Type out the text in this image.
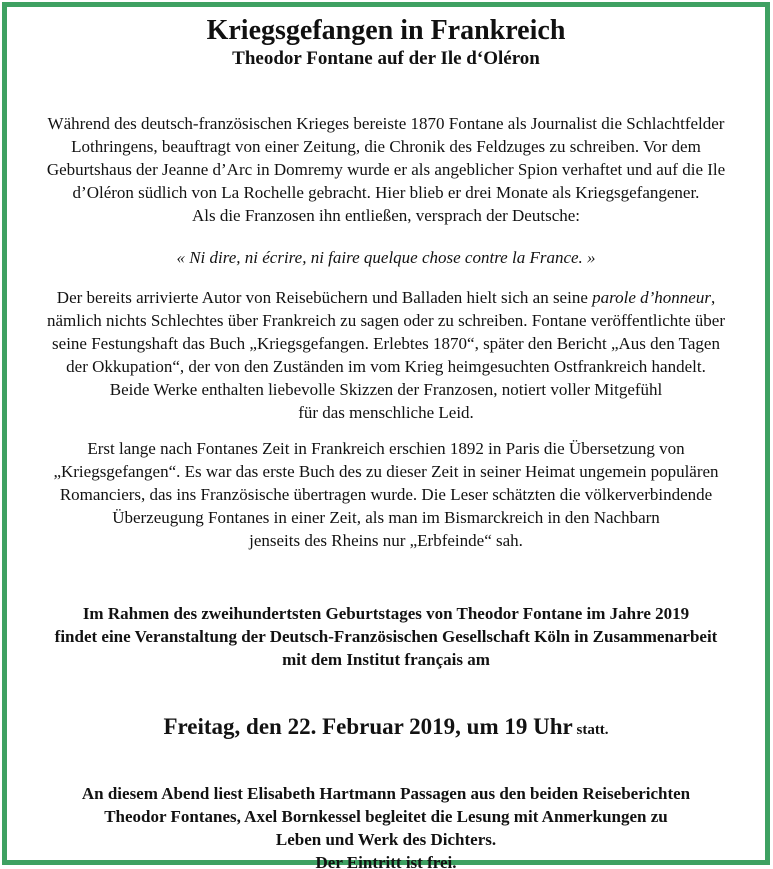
Kriegsgefangen in Frankreich
Theodor Fontane auf der Ile d‘Oléron

Während des deutsch-französischen Krieges bereiste 1870 Fontane als Journalist die Schlachtfelder
Lothringens, beauftragt von einer Zeitung, die Chronik des Feldzuges zu schreiben. Vor dem
Geburtshaus der Jeanne d’Arc in Domremy wurde er als angeblicher Spion verhaftet und auf die Ile
d’Oléron südlich von La Rochelle gebracht. Hier blieb er drei Monate als Kriegsgefangener.
Als die Franzosen ihn entließen, versprach der Deutsche:

« Ni dire, ni écrire, ni faire quelque chose contre la France. »

Der bereits arrivierte Autor von Reisebüchern und Balladen hielt sich an seine parole d’honneur,
nämlich nichts Schlechtes über Frankreich zu sagen oder zu schreiben. Fontane veröffentlichte über
seine Festungshaft das Buch „Kriegsgefangen. Erlebtes 1870“, später den Bericht „Aus den Tagen
der Okkupation“, der von den Zuständen im vom Krieg heimgesuchten Ostfrankreich handelt.
Beide Werke enthalten liebevolle Skizzen der Franzosen, notiert voller Mitgefühl
für das menschliche Leid.

Erst lange nach Fontanes Zeit in Frankreich erschien 1892 in Paris die Übersetzung von
„Kriegsgefangen“. Es war das erste Buch des zu dieser Zeit in seiner Heimat ungemein populären
Romanciers, das ins Französische übertragen wurde. Die Leser schätzten die völkerverbindende
Überzeugung Fontanes in einer Zeit, als man im Bismarckreich in den Nachbarn
jenseits des Rheins nur „Erbfeinde“ sah.

Im Rahmen des zweihundertsten Geburtstages von Theodor Fontane im Jahre 2019
findet eine Veranstaltung der Deutsch-Französischen Gesellschaft Köln in Zusammenarbeit
mit dem Institut français am

Freitag, den 22. Februar 2019, um 19 Uhr statt.

An diesem Abend liest Elisabeth Hartmann Passagen aus den beiden Reiseberichten
Theodor Fontanes, Axel Bornkessel begleitet die Lesung mit Anmerkungen zu
Leben und Werk des Dichters.
Der Eintritt ist frei.
